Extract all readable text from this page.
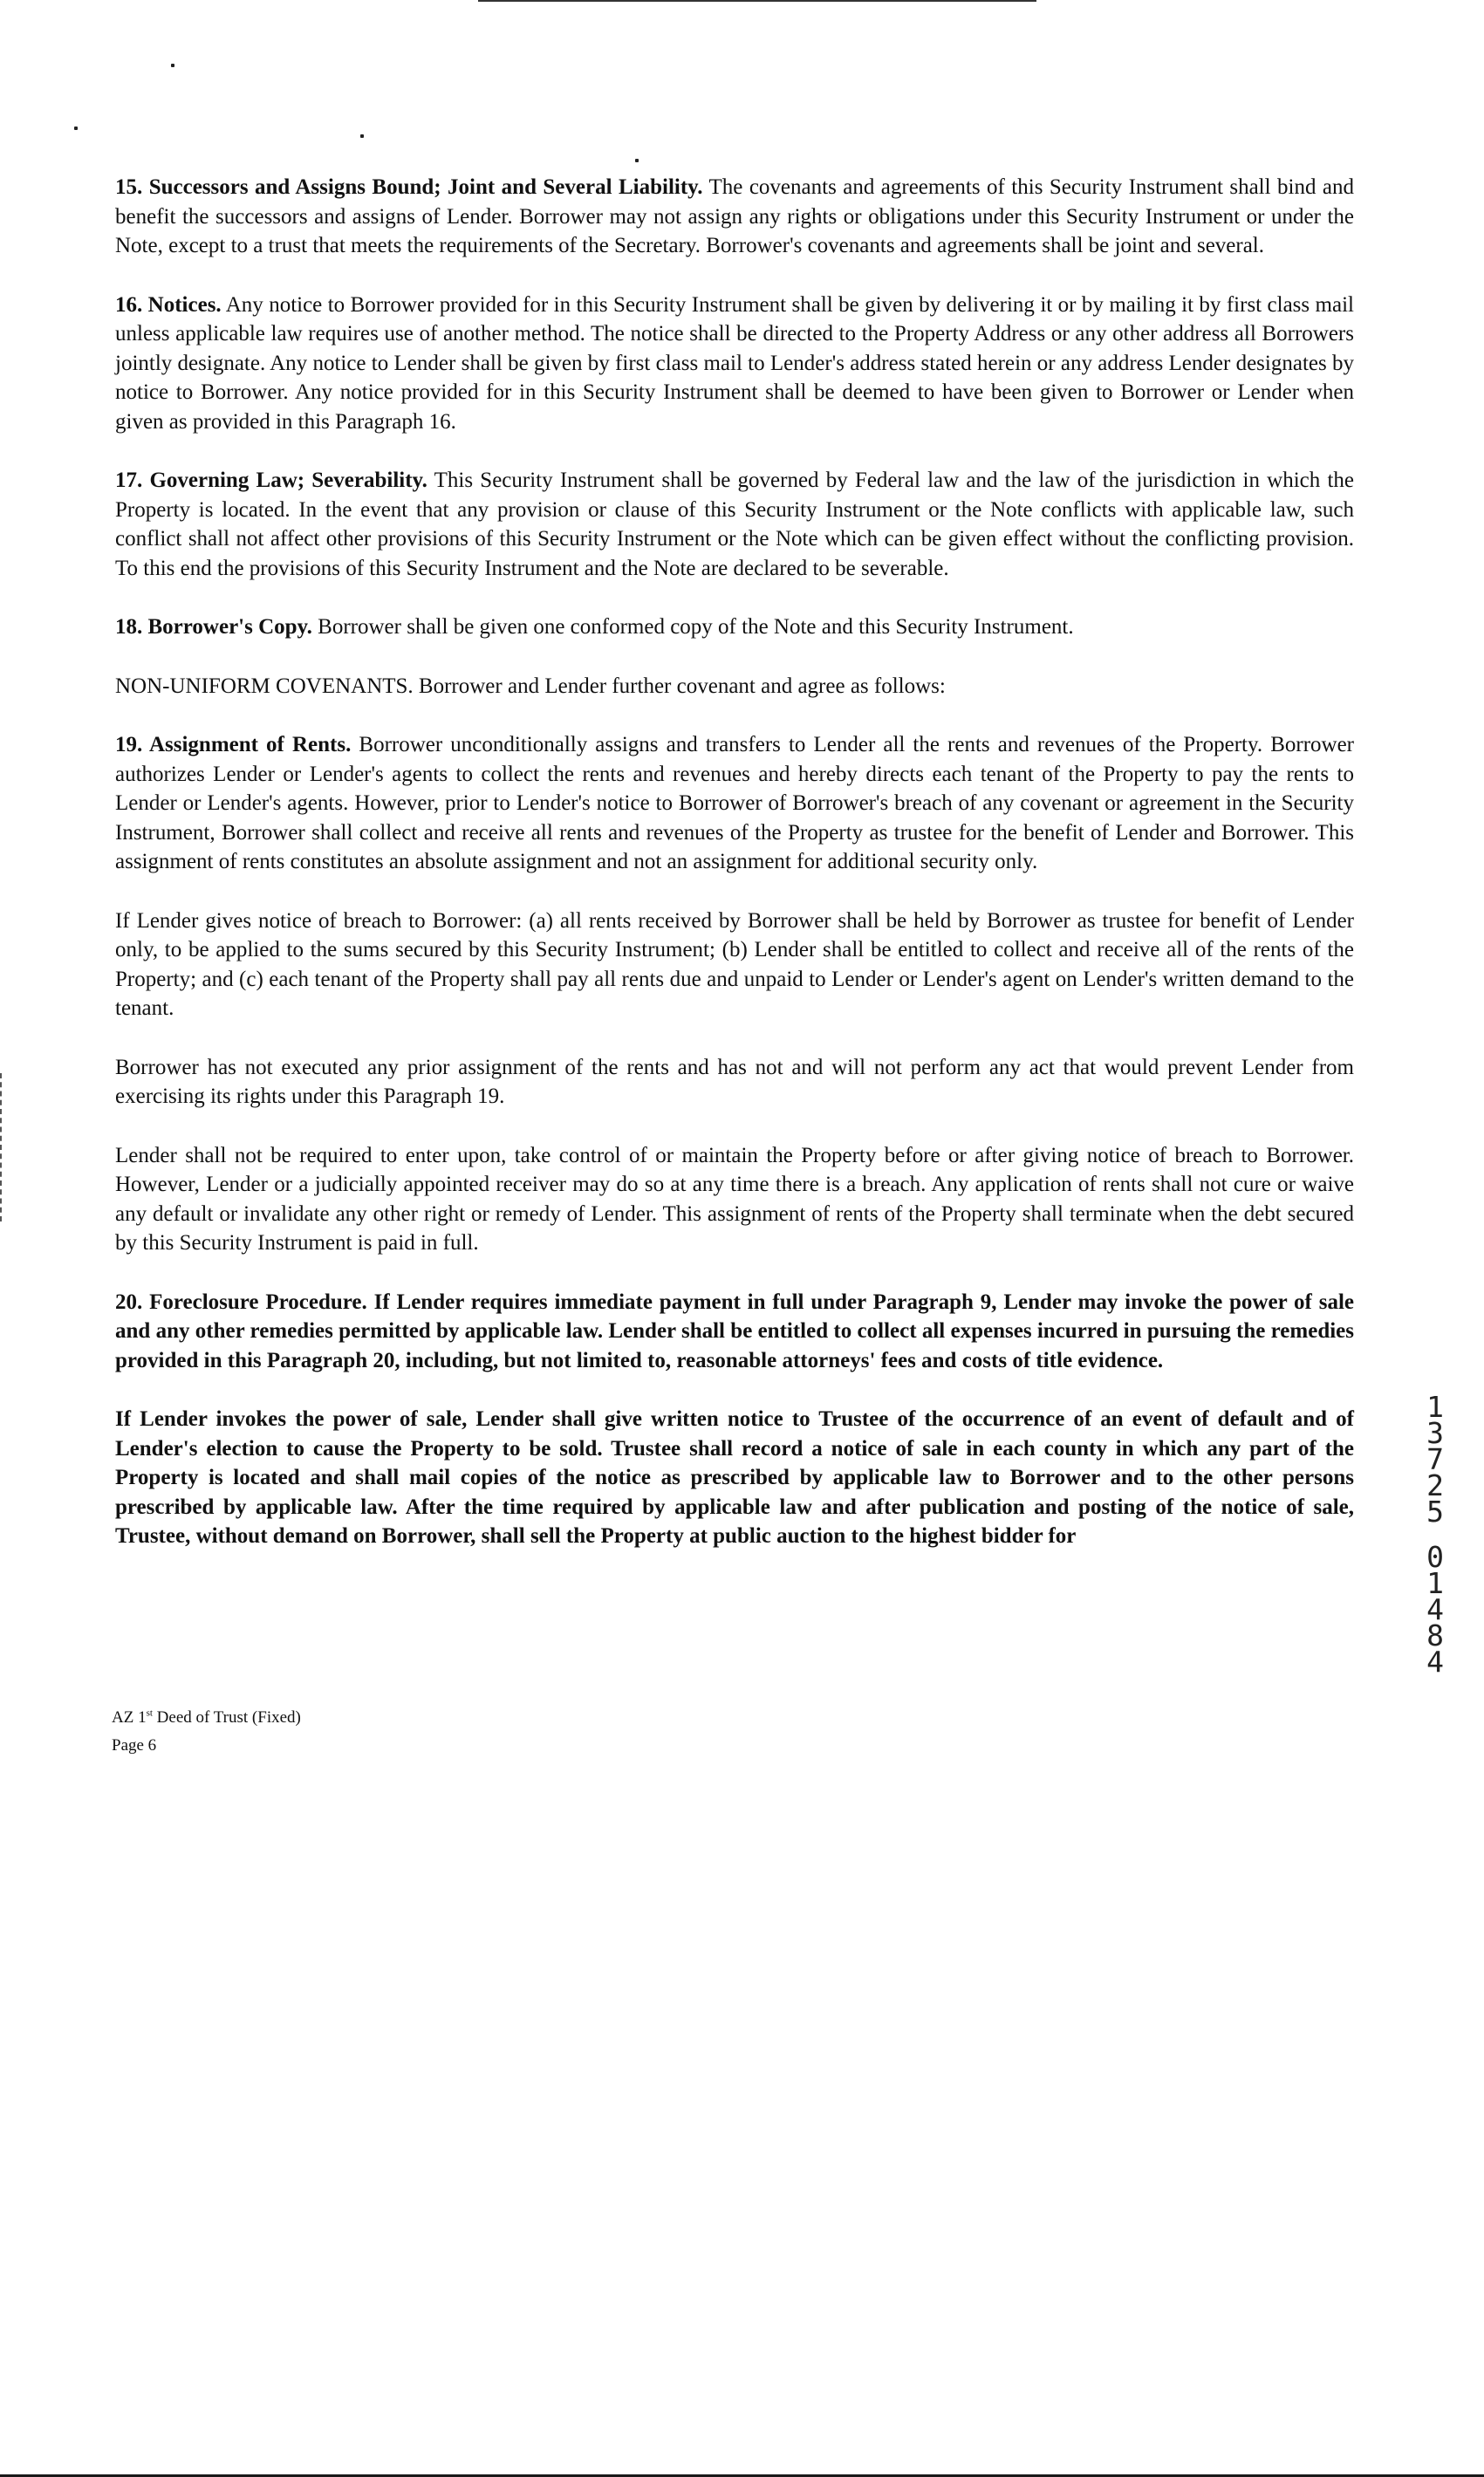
15. Successors and Assigns Bound; Joint and Several Liability. The covenants and agreements of this Security Instrument shall bind and benefit the successors and assigns of Lender. Borrower may not assign any rights or obligations under this Security Instrument or under the Note, except to a trust that meets the requirements of the Secretary. Borrower's covenants and agreements shall be joint and several.

16. Notices. Any notice to Borrower provided for in this Security Instrument shall be given by delivering it or by mailing it by first class mail unless applicable law requires use of another method. The notice shall be directed to the Property Address or any other address all Borrowers jointly designate. Any notice to Lender shall be given by first class mail to Lender's address stated herein or any address Lender designates by notice to Borrower. Any notice provided for in this Security Instrument shall be deemed to have been given to Borrower or Lender when given as provided in this Paragraph 16.

17. Governing Law; Severability. This Security Instrument shall be governed by Federal law and the law of the jurisdiction in which the Property is located. In the event that any provision or clause of this Security Instrument or the Note conflicts with applicable law, such conflict shall not affect other provisions of this Security Instrument or the Note which can be given effect without the conflicting provision. To this end the provisions of this Security Instrument and the Note are declared to be severable.

18. Borrower's Copy. Borrower shall be given one conformed copy of the Note and this Security Instrument.

NON-UNIFORM COVENANTS. Borrower and Lender further covenant and agree as follows:

19. Assignment of Rents. Borrower unconditionally assigns and transfers to Lender all the rents and revenues of the Property. Borrower authorizes Lender or Lender's agents to collect the rents and revenues and hereby directs each tenant of the Property to pay the rents to Lender or Lender's agents. However, prior to Lender's notice to Borrower of Borrower's breach of any covenant or agreement in the Security Instrument, Borrower shall collect and receive all rents and revenues of the Property as trustee for the benefit of Lender and Borrower. This assignment of rents constitutes an absolute assignment and not an assignment for additional security only.

If Lender gives notice of breach to Borrower: (a) all rents received by Borrower shall be held by Borrower as trustee for benefit of Lender only, to be applied to the sums secured by this Security Instrument; (b) Lender shall be entitled to collect and receive all of the rents of the Property; and (c) each tenant of the Property shall pay all rents due and unpaid to Lender or Lender's agent on Lender's written demand to the tenant.

Borrower has not executed any prior assignment of the rents and has not and will not perform any act that would prevent Lender from exercising its rights under this Paragraph 19.

Lender shall not be required to enter upon, take control of or maintain the Property before or after giving notice of breach to Borrower. However, Lender or a judicially appointed receiver may do so at any time there is a breach. Any application of rents shall not cure or waive any default or invalidate any other right or remedy of Lender. This assignment of rents of the Property shall terminate when the debt secured by this Security Instrument is paid in full.

20. Foreclosure Procedure. If Lender requires immediate payment in full under Paragraph 9, Lender may invoke the power of sale and any other remedies permitted by applicable law. Lender shall be entitled to collect all expenses incurred in pursuing the remedies provided in this Paragraph 20, including, but not limited to, reasonable attorneys' fees and costs of title evidence.

If Lender invokes the power of sale, Lender shall give written notice to Trustee of the occurrence of an event of default and of Lender's election to cause the Property to be sold. Trustee shall record a notice of sale in each county in which any part of the Property is located and shall mail copies of the notice as prescribed by applicable law to Borrower and to the other persons prescribed by applicable law. After the time required by applicable law and after publication and posting of the notice of sale, Trustee, without demand on Borrower, shall sell the Property at public auction to the highest bidder for

AZ 1st Deed of Trust (Fixed)
Page 6
1
3
7
2
5
0
1
4
8
4
